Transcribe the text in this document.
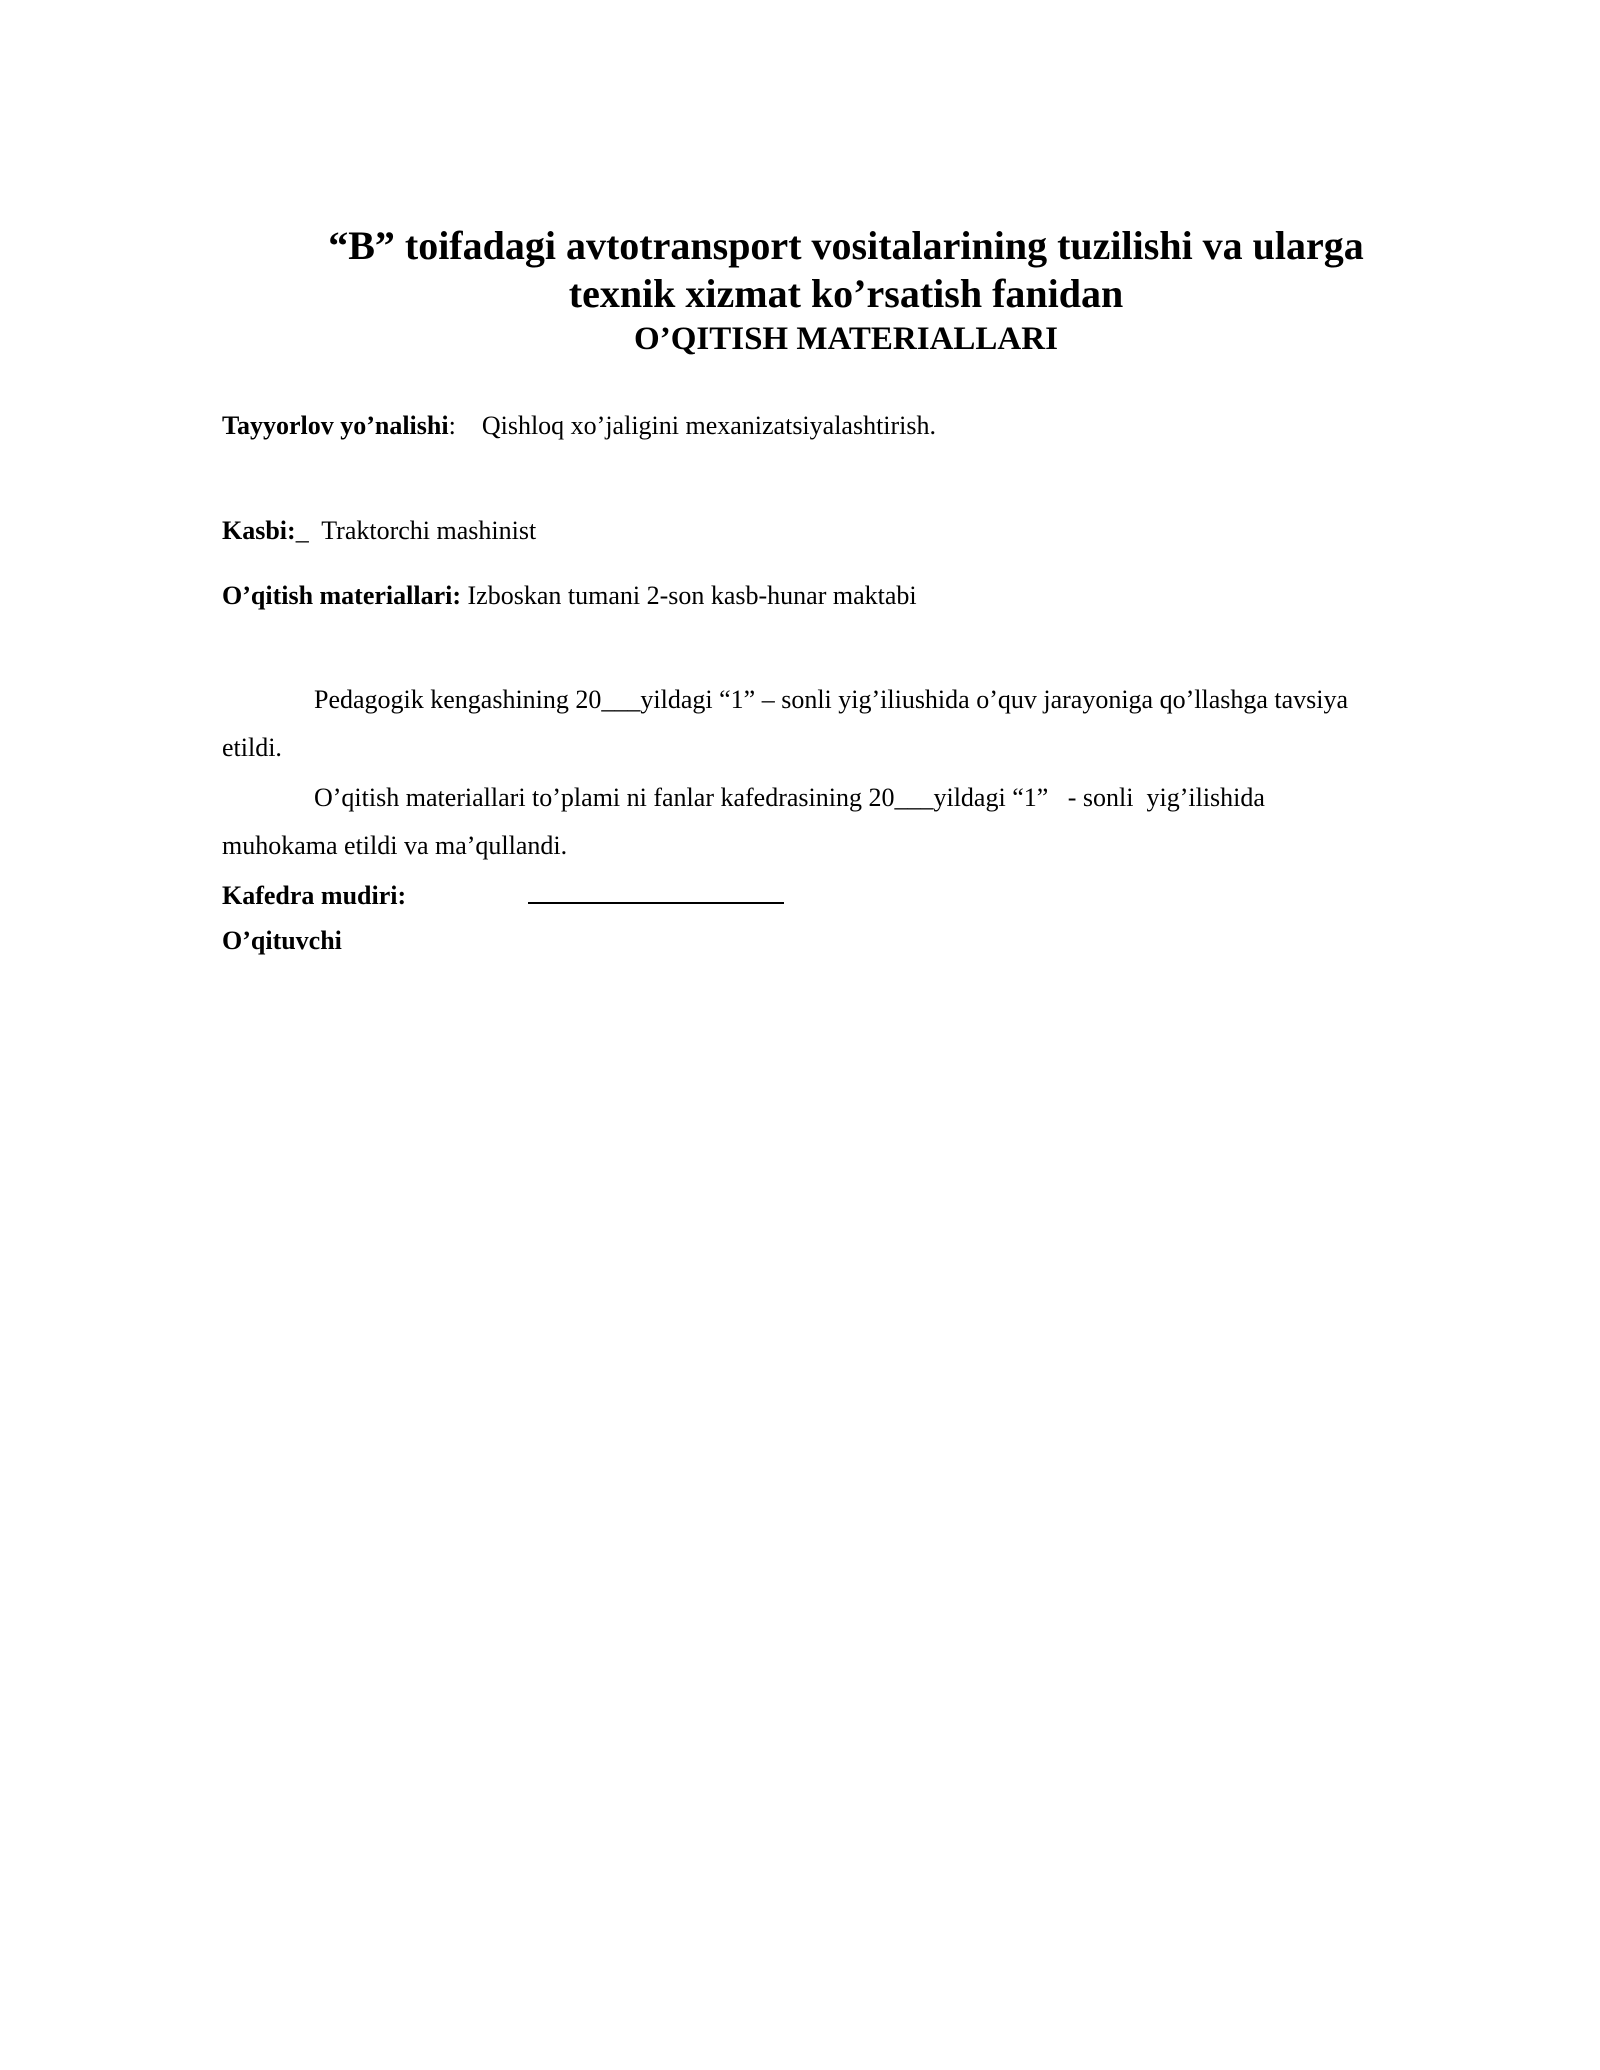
“B” toifadagi avtotransport vositalarining tuzilishi va ularga
texnik xizmat ko’rsatish fanidan
O’QITISH MATERIALLARI
Tayyorlov yo’nalishi: Qishloq xo’jaligini mexanizatsiyalashtirish.
Kasbi:_ Traktorchi mashinist
O’qitish materiallari: Izboskan tumani 2-son kasb-hunar maktabi
Pedagogik kengashining 20___yildagi “1” – sonli yig’iliushida o’quv jarayoniga qo’llashga tavsiya
etildi.
O’qitish materiallari to’plami ni fanlar kafedrasining 20___yildagi “1”   - sonli  yig’ilishida
muhokama etildi va ma’qullandi.
Kafedra mudiri:
O’qituvchi
